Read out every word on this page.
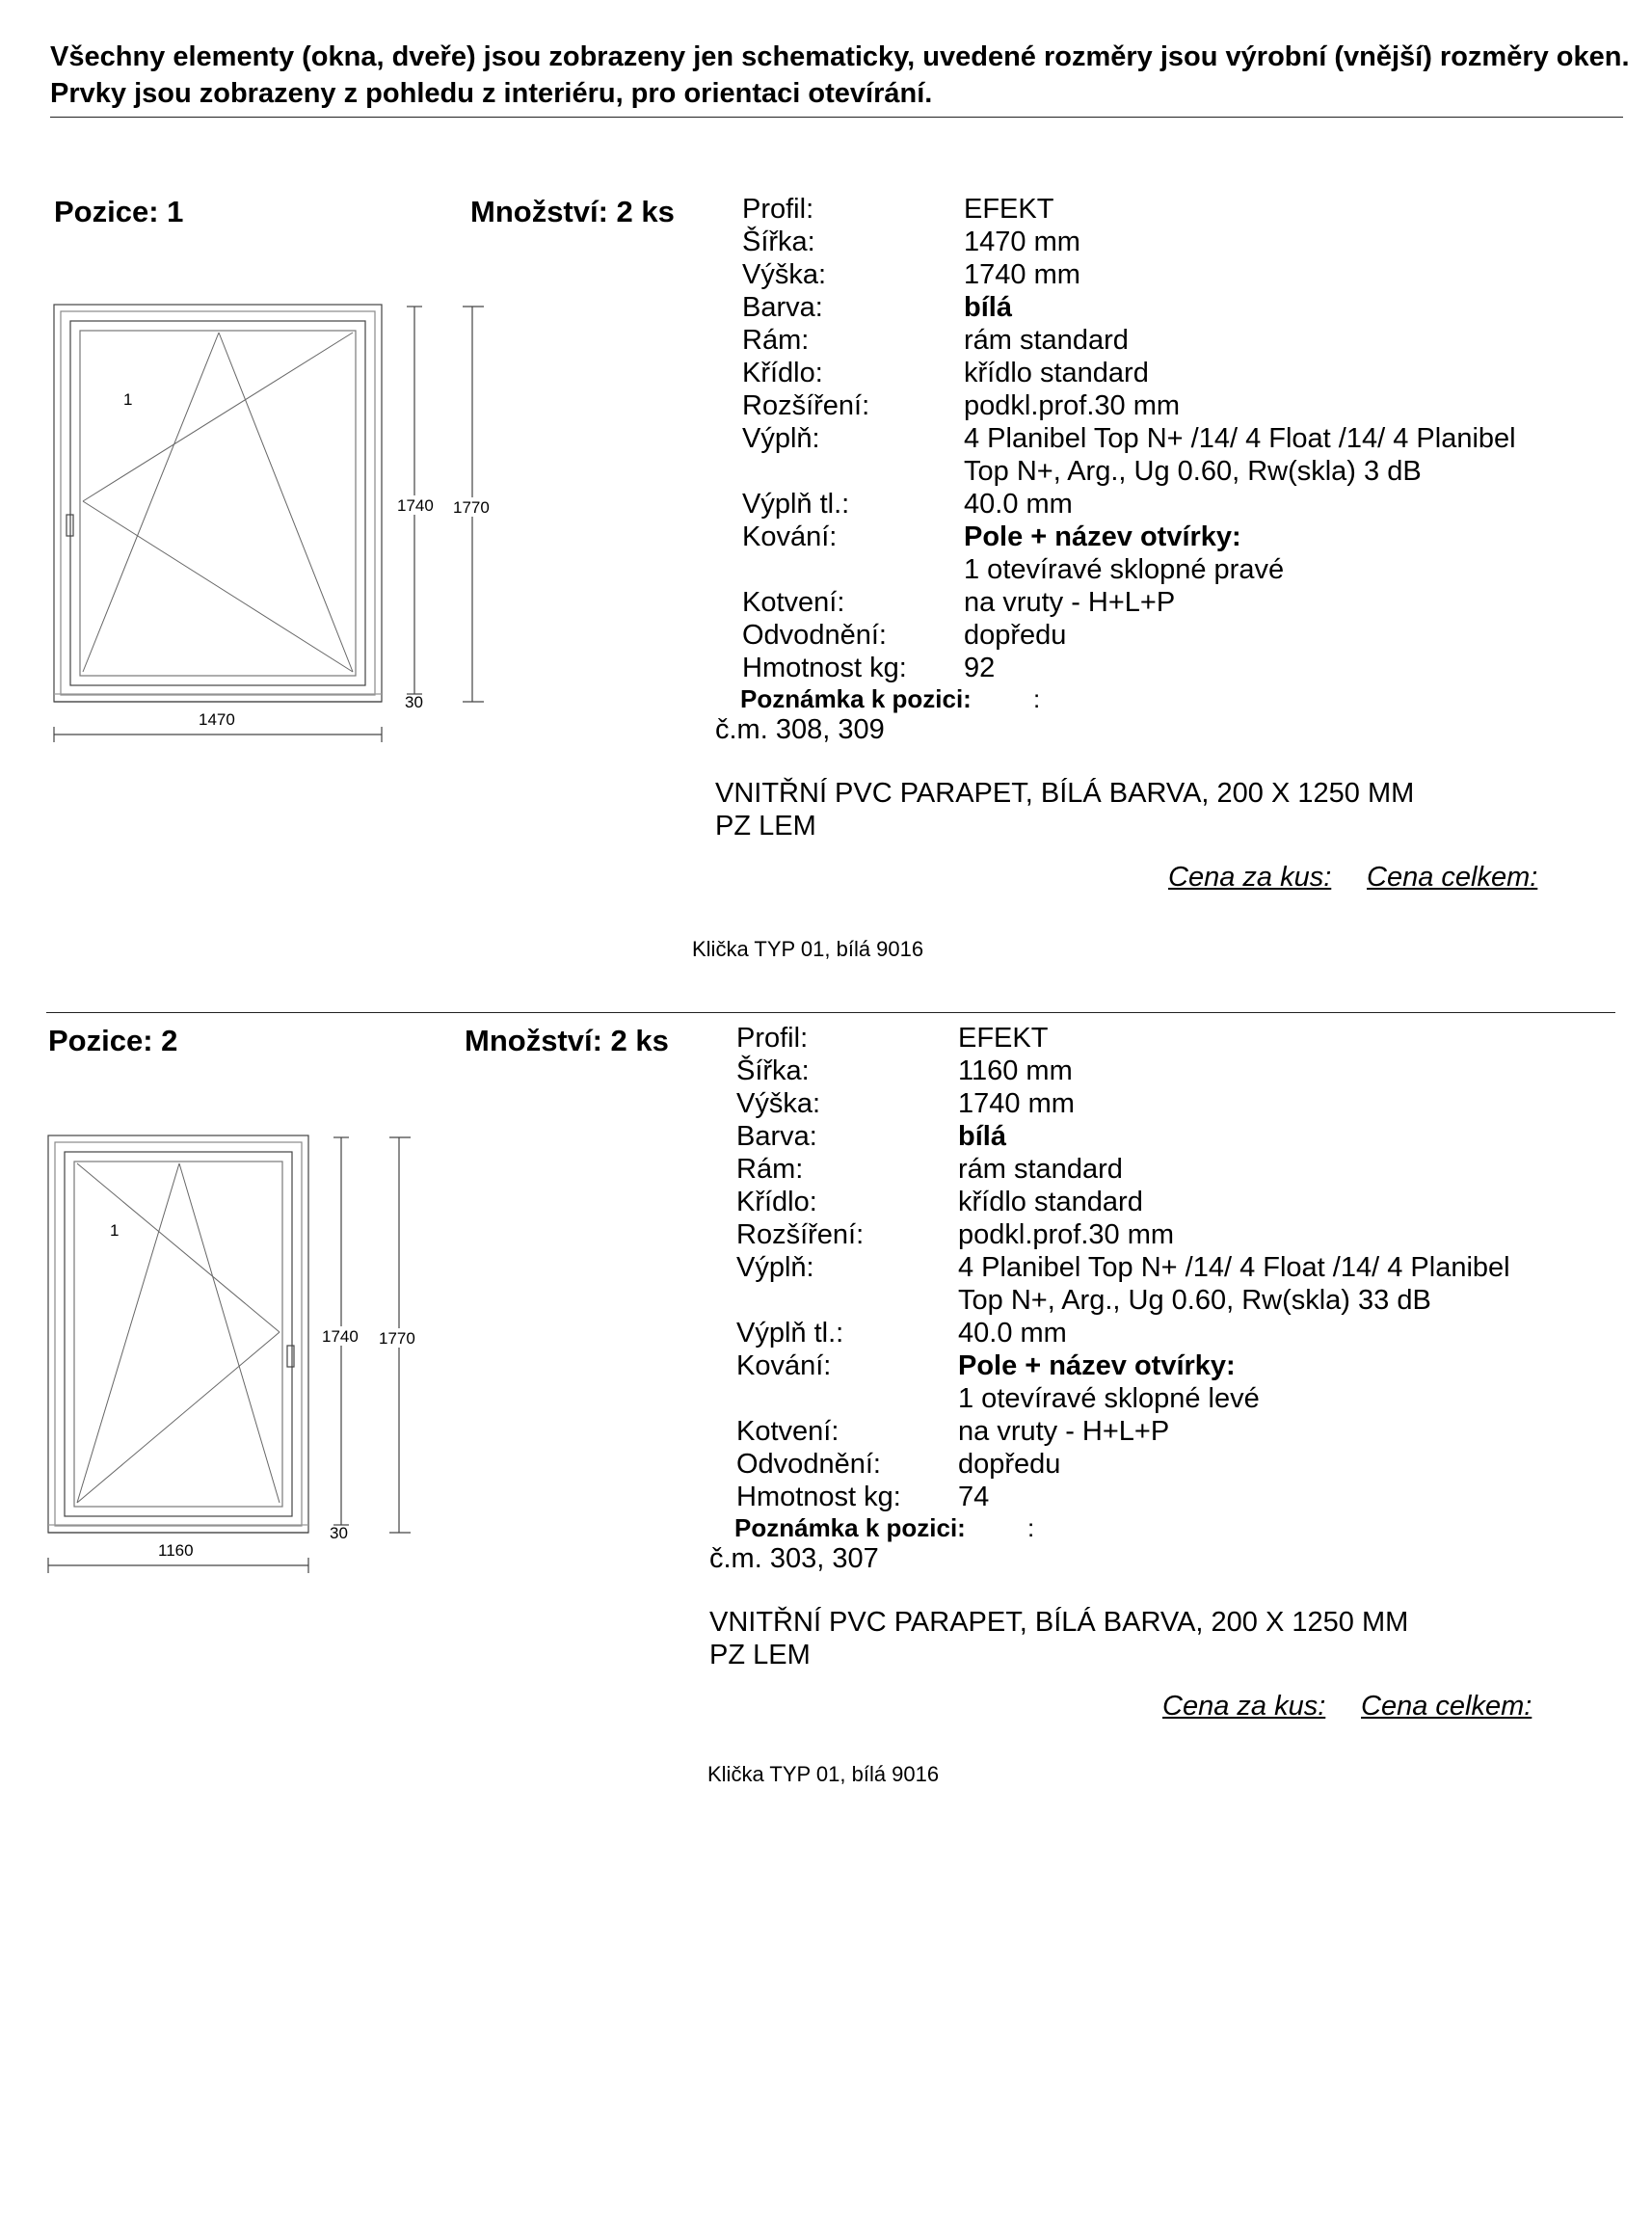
Všechny elementy (okna, dveře) jsou zobrazeny jen schematicky, uvedené rozměry jsou výrobní (vnější) rozměry oken. Prvky jsou zobrazeny z pohledu z interiéru, pro orientaci otevírání.
Pozice: 1	Množství: 2 ks
1
1740 1770
1470
30
Profil:	EFEKT
Šířka:	1470 mm
Výška:	1740 mm
Barva:	bílá
Rám:	rám standard
Křídlo:	křídlo standard
Rozšíření:	podkl.prof.30 mm
Výplň:	4 Planibel Top N+ /14/ 4 Float /14/ 4 Planibel
Top N+, Arg., Ug 0.60, Rw(skla) 3 dB
Výplň tl.:	40.0 mm
Kování:	Pole + název otvírky:
1 otevíravé sklopné pravé
Kotvení:	na vruty - H+L+P
Odvodnění:	dopředu
Hmotnost kg: 92
Poznámka k pozici: :
č.m. 308, 309
VNITŘNÍ PVC PARAPET, BÍLÁ BARVA, 200 X 1250 MM
PZ LEM
Cena za kus: Cena celkem:
Klička TYP 01, bílá 9016
Pozice: 2	Množství: 2 ks
1
1740 1770
1160
30
Profil:	EFEKT
Šířka:	1160 mm
Výška:	1740 mm
Barva:	bílá
Rám:	rám standard
Křídlo:	křídlo standard
Rozšíření:	podkl.prof.30 mm
Výplň:	4 Planibel Top N+ /14/ 4 Float /14/ 4 Planibel
Top N+, Arg., Ug 0.60, Rw(skla) 33 dB
Výplň tl.:	40.0 mm
Kování:	Pole + název otvírky:
1 otevíravé sklopné levé
Kotvení:	na vruty - H+L+P
Odvodnění:	dopředu
Hmotnost kg: 74
Poznámka k pozici: :
č.m. 303, 307
VNITŘNÍ PVC PARAPET, BÍLÁ BARVA, 200 X 1250 MM
PZ LEM
Cena za kus: Cena celkem:
Klička TYP 01, bílá 9016
